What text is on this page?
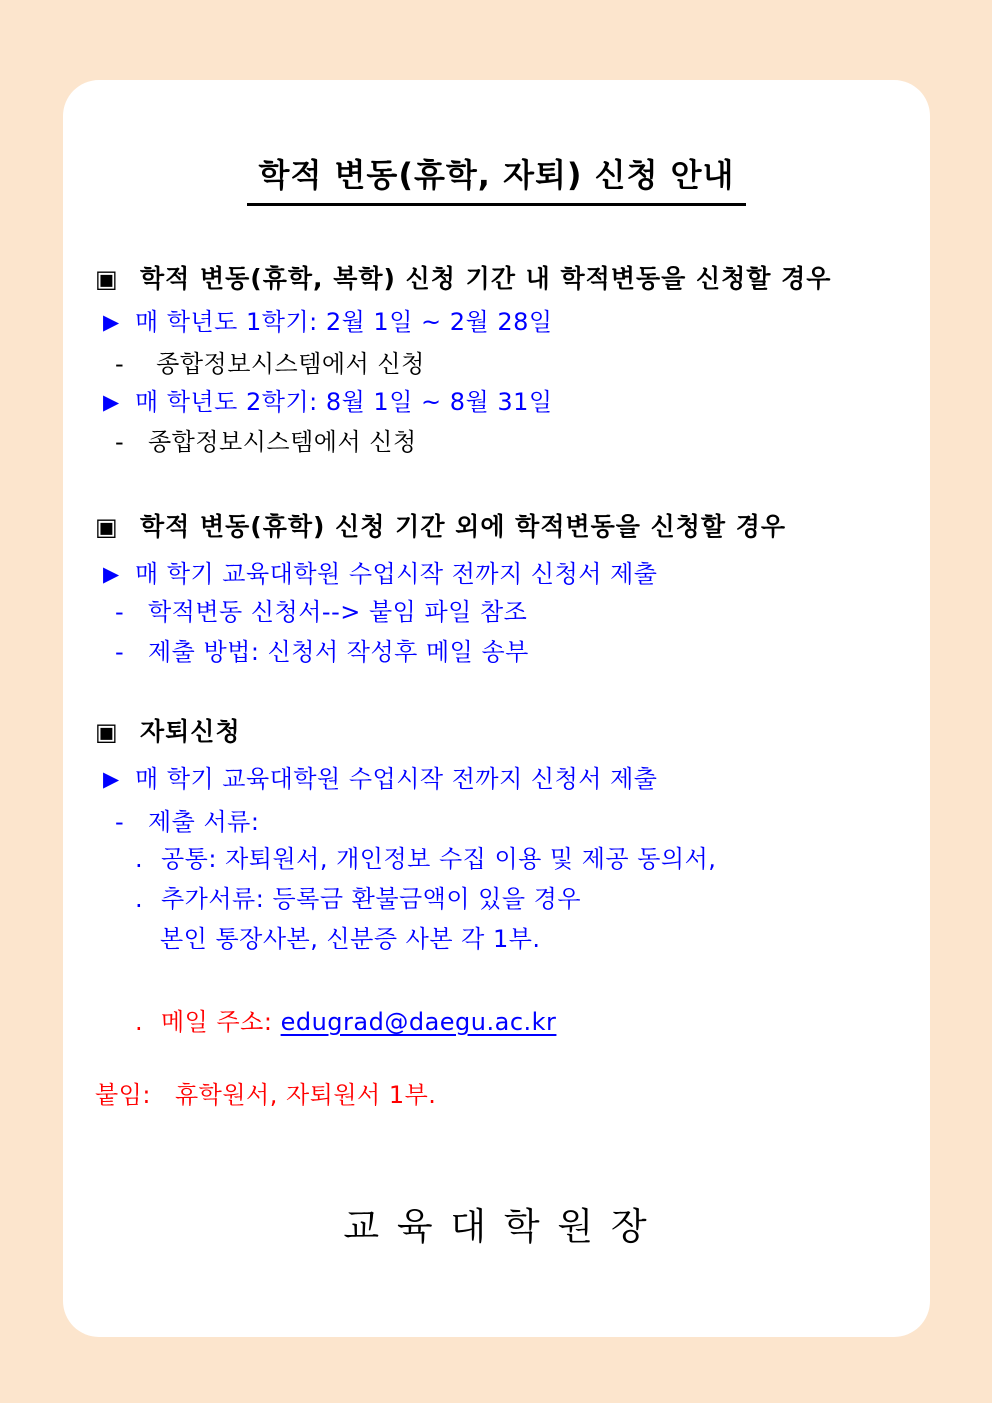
학적 변동(휴학, 자퇴) 신청 안내
▣ 학적 변동(휴학, 복학) 신청 기간 내 학적변동을 신청할 경우
▶ 매 학년도 1학기: 2월 1일 ~ 2월 28일
-	종합정보시스템에서 신청
▶ 매 학년도 2학기: 8월 1일 ~ 8월 31일
-	종합정보시스템에서 신청
▣ 학적 변동(휴학) 신청 기간 외에 학적변동을 신청할 경우
▶ 매 학기 교육대학원 수업시작 전까지 신청서 제출
-	학적변동 신청서--> 붙임 파일 참조
-	제출 방법: 신청서 작성후 메일 송부
▣ 자퇴신청
▶ 매 학기 교육대학원 수업시작 전까지 신청서 제출
-	제출 서류:
. 공통: 자퇴원서, 개인정보 수집 이용 및 제공 동의서,
. 추가서류: 등록금 환불금액이 있을 경우
본인 통장사본, 신분증 사본 각 1부.
. 메일 주소:
edugrad@daegu.ac.kr
붙임: 휴학원서, 자퇴원서 1부.
교 육 대 학 원 장
